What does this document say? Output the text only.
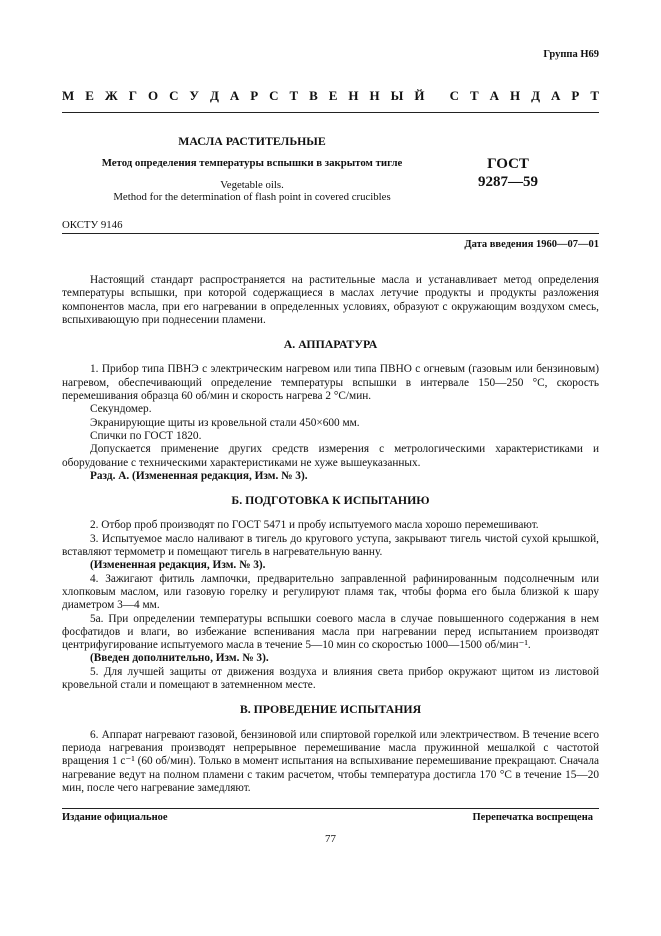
Группа Н69
М Е Ж Г О С У Д А Р С Т В Е Н Н Ы Й
С Т А Н Д А Р Т
МАСЛА РАСТИТЕЛЬНЫЕ
Метод определения температуры вспышки в закрытом тигле
Vegetable oils.
Method for the determination of flash point in covered crucibles
ГОСТ
9287—59
ОКСТУ 9146
Дата введения 1960—07—01

Настоящий стандарт распространяется на растительные масла и устанавливает метод определения температуры вспышки, при которой содержащиеся в маслах летучие продукты и продукты разложения компонентов масла, при его нагревании в определенных условиях, образуют с окружающим воздухом смесь, вспыхивающую при поднесении пламени.

А. АППАРАТУРА

1. Прибор типа ПВНЭ с электрическим нагревом или типа ПВНО с огневым (газовым или бензиновым) нагревом, обеспечивающий определение температуры вспышки в интервале 150—250 °С, скорость перемешивания образца 60 об/мин и скорость нагрева 2 °С/мин.

Секундомер.

Экранирующие щиты из кровельной стали 450×600 мм.

Спички по ГОСТ 1820.

Допускается применение других средств измерения с метрологическими характеристиками и оборудование с техническими характеристиками не хуже вышеуказанных.

Разд. А. (Измененная редакция, Изм. № 3).

Б. ПОДГОТОВКА К ИСПЫТАНИЮ

2. Отбор проб производят по ГОСТ 5471 и пробу испытуемого масла хорошо перемешивают.

3. Испытуемое масло наливают в тигель до кругового уступа, закрывают тигель чистой сухой крышкой, вставляют термометр и помещают тигель в нагревательную ванну.

(Измененная редакция, Изм. № 3).

4. Зажигают фитиль лампочки, предварительно заправленной рафинированным подсолнечным или хлопковым маслом, или газовую горелку и регулируют пламя так, чтобы форма его была близкой к шару диаметром 3—4 мм.

5а. При определении температуры вспышки соевого масла в случае повышенного содержания в нем фосфатидов и влаги, во избежание вспенивания масла при нагревании перед испытанием производят центрифугирование испытуемого масла в течение 5—10 мин со скоростью 1000—1500 об/мин⁻¹.

(Введен дополнительно, Изм. № 3).

5. Для лучшей защиты от движения воздуха и влияния света прибор окружают щитом из листовой кровельной стали и помещают в затемненном месте.

В. ПРОВЕДЕНИЕ ИСПЫТАНИЯ

6. Аппарат нагревают газовой, бензиновой или спиртовой горелкой или электричеством. В течение всего периода нагревания производят непрерывное перемешивание масла пружинной мешалкой с частотой вращения 1 с⁻¹ (60 об/мин). Только в момент испытания на вспыхивание перемешивание прекращают. Сначала нагревание ведут на полном пламени с таким расчетом, чтобы температура достигла 170 °С в течение 15—20 мин, после чего нагревание замедляют.

Издание официальное	Перепечатка воспрещена
77
